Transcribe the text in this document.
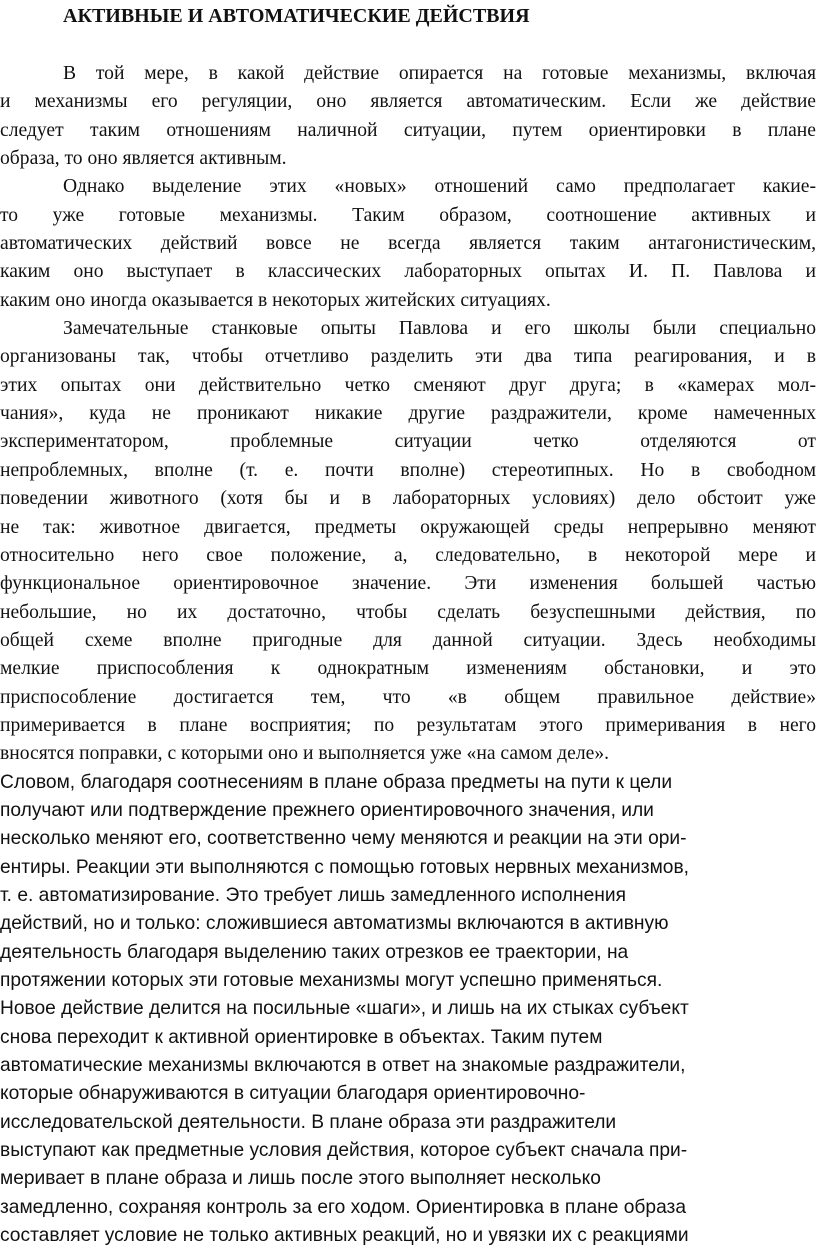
АКТИВНЫЕ И АВТОМАТИЧЕСКИЕ ДЕЙСТВИЯ
В той мере, в какой действие опирается на готовые механизмы, включая
и механизмы его регуляции, оно является автоматическим. Если же действие
следует таким отношениям наличной ситуации, путем ориентировки в плане
образа, то оно является активным.
Однако выделение этих «новых» отношений само предполагает какие-
то уже готовые механизмы. Таким образом, соотношение активных и
автоматических действий вовсе не всегда является таким антагонистическим,
каким оно выступает в классических лабораторных опытах И. П. Павлова и
каким оно иногда оказывается в некоторых житейских ситуациях.
Замечательные станковые опыты Павлова и его школы были специально
организованы так, чтобы отчетливо разделить эти два типа реагирования, и в
этих опытах они действительно четко сменяют друг друга; в «камерах мол-
чания», куда не проникают никакие другие раздражители, кроме намеченных
экспериментатором, проблемные ситуации четко отделяются от
непроблемных, вполне (т. е. почти вполне) стереотипных. Но в свободном
поведении животного (хотя бы и в лабораторных условиях) дело обстоит уже
не так: животное двигается, предметы окружающей среды непрерывно меняют
относительно него свое положение, а, следовательно, в некоторой мере и
функциональное ориентировочное значение. Эти изменения большей частью
небольшие, но их достаточно, чтобы сделать безуспешными действия, по
общей схеме вполне пригодные для данной ситуации. Здесь необходимы
мелкие приспособления к однократным изменениям обстановки, и это
приспособление достигается тем, что «в общем правильное действие»
примеривается в плане восприятия; по результатам этого примеривания в него
вносятся поправки, с которыми оно и выполняется уже «на самом деле».
Словом, благодаря соотнесениям в плане образа предметы на пути к цели
получают или подтверждение прежнего ориентировочного значения, или
несколько меняют его, соответственно чему меняются и реакции на эти ори-
ентиры. Реакции эти выполняются с помощью готовых нервных механизмов,
т. е. автоматизирование. Это требует лишь замедленного исполнения
действий, но и только: сложившиеся автоматизмы включаются в активную
деятельность благодаря выделению таких отрезков ее траектории, на
протяжении которых эти готовые механизмы могут успешно применяться.
Новое действие делится на посильные «шаги», и лишь на их стыках субъект
снова переходит к активной ориентировке в объектах. Таким путем
автоматические механизмы включаются в ответ на знакомые раздражители,
которые обнаруживаются в ситуации благодаря ориентировочно-
исследовательской деятельности. В плане образа эти раздражители
выступают как предметные условия действия, которое субъект сначала при-
меривает в плане образа и лишь после этого выполняет несколько
замедленно, сохраняя контроль за его ходом. Ориентировка в плане образа
составляет условие не только активных реакций, но и увязки их с реакциями
